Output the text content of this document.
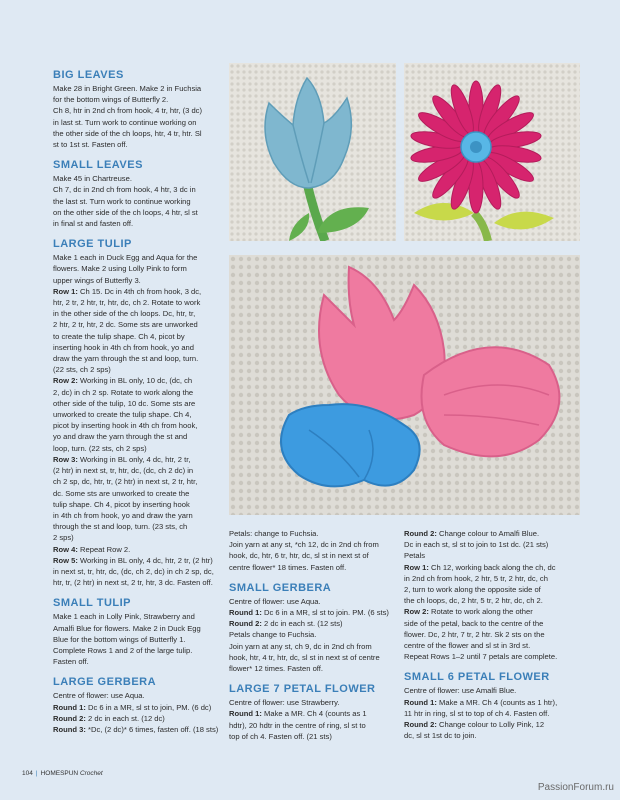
BIG LEAVES

Make 28 in Bright Green. Make 2 in Fuchsia

for the bottom wings of Butterfly 2.

Ch 8, htr in 2nd ch from hook, 4 tr, htr, (3 dc)

in last st. Turn work to continue working on

the other side of the ch loops, htr, 4 tr, htr. Sl

st to 1st st. Fasten off.

SMALL LEAVES

Make 45 in Chartreuse.

Ch 7, dc in 2nd ch from hook, 4 htr, 3 dc in

the last st. Turn work to continue working

on the other side of the ch loops, 4 htr, sl st

in final st and fasten off.

LARGE TULIP

Make 1 each in Duck Egg and Aqua for the

flowers. Make 2 using Lolly Pink to form

upper wings of Butterfly 3.

Row 1: Ch 15. Dc in 4th ch from hook, 3 dc,

htr, 2 tr, 2 htr, tr, htr, dc, ch 2. Rotate to work

in the other side of the ch loops. Dc, htr, tr,

2 htr, 2 tr, htr, 2 dc. Some sts are unworked

to create the tulip shape. Ch 4, picot by

inserting hook in 4th ch from hook, yo and

draw the yarn through the st and loop, turn.

(22 sts, ch 2 sps)

Row 2: Working in BL only, 10 dc, (dc, ch

2, dc) in ch 2 sp. Rotate to work along the

other side of the tulip, 10 dc. Some sts are

unworked to create the tulip shape. Ch 4,

picot by inserting hook in 4th ch from hook,

yo and draw the yarn through the st and

loop, turn. (22 sts, ch 2 sps)

Row 3: Working in BL only, 4 dc, htr, 2 tr,

(2 htr) in next st, tr, htr, dc, (dc, ch 2 dc) in

ch 2 sp, dc, htr, tr, (2 htr) in next st, 2 tr, htr,

dc. Some sts are unworked to create the

tulip shape. Ch 4, picot by inserting hook

in 4th ch from hook, yo and draw the yarn

through the st and loop, turn. (23 sts, ch

2 sps)

Row 4: Repeat Row 2.

Row 5: Working in BL only, 4 dc, htr, 2 tr, (2 htr)

in next st, tr, htr, dc, (dc, ch 2, dc) in ch 2 sp, dc,

htr, tr, (2 htr) in next st, 2 tr, htr, 3 dc. Fasten off.

SMALL TULIP

Make 1 each in Lolly Pink, Strawberry and

Amalfi Blue for flowers. Make 2 in Duck Egg

Blue for the bottom wings of Butterfly 1.

Complete Rows 1 and 2 of the large tulip.

Fasten off.

LARGE GERBERA

Centre of flower: use Aqua.

Round 1: Dc 6 in a MR, sl st to join, PM. (6 dc)

Round 2: 2 dc in each st. (12 dc)

Round 3: *Dc, (2 dc)* 6 times, fasten off. (18 sts)

Petals: change to Fuchsia.

Join yarn at any st, *ch 12, dc in 2nd ch from

hook, dc, htr, 6 tr, htr, dc, sl st in next st of

centre flower* 18 times. Fasten off.

SMALL GERBERA

Centre of flower: use Aqua.

Round 1: Dc 6 in a MR, sl st to join. PM. (6 sts)

Round 2: 2 dc in each st. (12 sts)

Petals change to Fuchsia.

Join yarn at any st, ch 9, dc in 2nd ch from

hook, htr, 4 tr, htr, dc, sl st in next st of centre

flower* 12 times. Fasten off.

LARGE 7 PETAL FLOWER

Centre of flower: use Strawberry.

Round 1: Make a MR. Ch 4 (counts as 1

hdtr), 20 hdtr in the centre of ring, sl st to

top of ch 4. Fasten off. (21 sts)

Round 2: Change colour to Amalfi Blue.

Dc in each st, sl st to join to 1st dc. (21 sts)

Petals

Row 1: Ch 12, working back along the ch, dc

in 2nd ch from hook, 2 htr, 5 tr, 2 htr, dc, ch

2, turn to work along the opposite side of

the ch loops, dc, 2 htr, 5 tr, 2 htr, dc, ch 2.

Row 2: Rotate to work along the other

side of the petal, back to the centre of the

flower. Dc, 2 htr, 7 tr, 2 htr. Sk 2 sts on the

centre of the flower and sl st in 3rd st.

Repeat Rows 1–2 until 7 petals are complete.

SMALL 6 PETAL FLOWER

Centre of flower: use Amalfi Blue.

Round 1: Make a MR. Ch 4 (counts as 1 htr),

11 htr in ring, sl st to top of ch 4. Fasten off.

Round 2: Change colour to Lolly Pink, 12

dc, sl st 1st dc to join.

104 | HOMESPUN Crochet
PassionForum.ru
